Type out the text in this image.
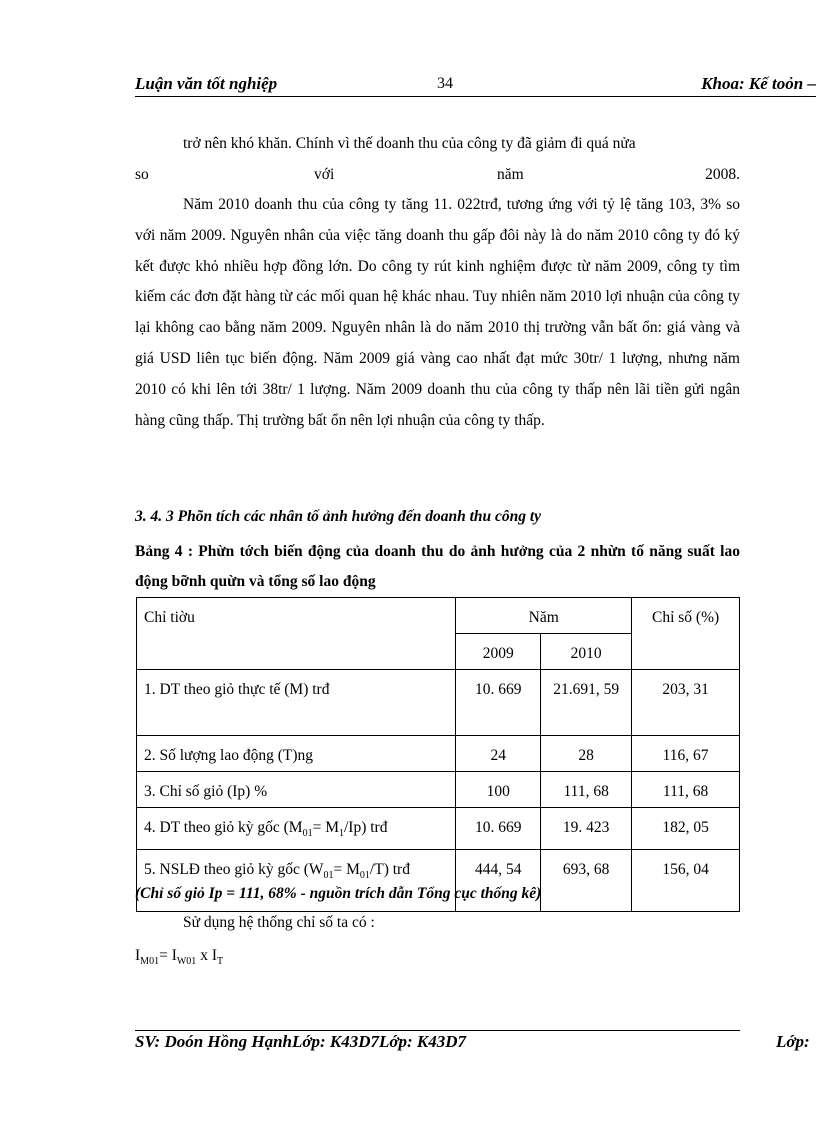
Luận văn tốt nghiệp	34	Khoa: Kế toỏn –
trở nên khó khăn. Chính vì thế doanh thu của công ty đã giảm đi quá nửa
so	với	năm	2008.

Năm 2010 doanh thu của công ty tăng 11. 022trđ, tương ứng với tỷ lệ tăng 103, 3% so với năm 2009. Nguyên nhân của việc tăng doanh thu gấp đôi này là do năm 2010 công ty đó ký kết được khỏ nhiều hợp đồng lớn. Do công ty rút kinh nghiệm được từ năm 2009, công ty tìm kiếm các đơn đặt hàng từ các mối quan hệ khác nhau. Tuy nhiên năm 2010 lợi nhuận của công ty lại không cao bằng năm 2009. Nguyên nhân là do năm 2010 thị trường vẫn bất ổn: giá vàng và giá USD liên tục biến động. Năm 2009 giá vàng cao nhất đạt mức 30tr/ 1 lượng, nhưng năm 2010 có khi lên tới 38tr/ 1 lượng. Năm 2009 doanh thu của công ty thấp nên lãi tiền gửi ngân hàng cũng thấp. Thị trường bất ổn nên lợi nhuận của công ty thấp.

3. 4. 3 Phõn tích các nhân tố ảnh hưởng đến doanh thu công ty
Bảng 4 : Phừn tớch biến động của doanh thu do ảnh hưởng của 2 nhừn tố năng suất lao động bỡnh quừn và tổng số lao động
Chỉ tiờu	Năm		Chỉ số (%)
	2009	2010	
1. DT theo giỏ thực tế (M) trđ	10. 669	21.691, 59	203, 31
2. Số lượng lao động (T)ng	24	28	116, 67
3. Chỉ số giỏ (Ip) %	100	111, 68	111, 68
4. DT theo giỏ kỳ gốc $(M_{01}= M_1/Ip)$ trđ	10. 669	19. 423	182, 05
5. NSLĐ theo giỏ kỳ gốc $(W_{01}= M_{01}/T)$ trđ	444, 54	693, 68	156, 04
(Chỉ số giỏ Ip = 111, 68% - nguồn trích dẫn Tổng cục thống kê)
Sử dụng hệ thống chỉ số ta có :
$I_{M01}= I_{W01}$ x $I_T$
SV: Doón Hồng HạnhLớp: K43D7Lớp: K43D7	Lớp:
